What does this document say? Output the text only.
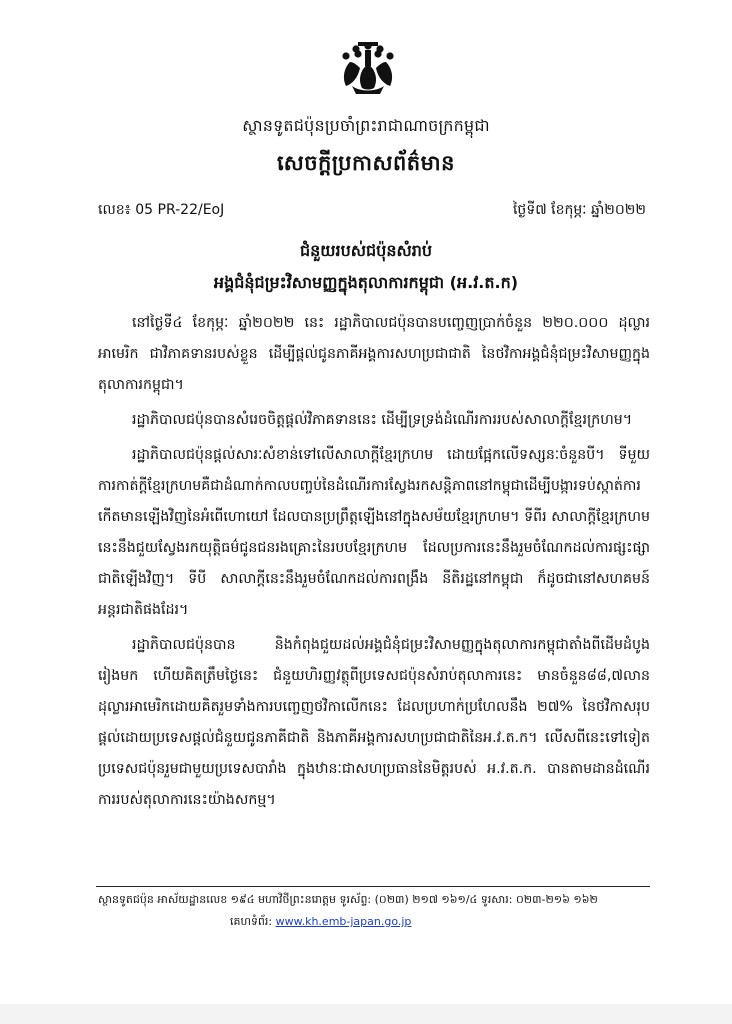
ស្ថានទូតជប៉ុនប្រចាំព្រះរាជាណាចក្រកម្ពុជា
សេចក្តីប្រកាសព័ត៌មាន
លេខ៖ 05 PR-22/EoJ	ថ្ងៃទី៧ ខែកុម្ភៈ ឆ្នាំ២០២២
ជំនួយរបស់ជប៉ុនសំរាប់
អង្គជំនុំជម្រះវិសាមញ្ញក្នុងតុលាការកម្ពុជា (អ.វ.ត.ក)

នៅថ្ងៃទី៤ ខែកុម្ភៈ ឆ្នាំ២០២២ នេះ រដ្ឋាភិបាលជប៉ុនបានបញ្ចេញប្រាក់ចំនួន ២២០.០០០ ដុល្លារអាមេរិក ជាវិភាគទានរបស់ខ្លួន ដើម្បីផ្តល់ជូនភាគីអង្គការសហប្រជាជាតិ នៃថវិកាអង្គជំនុំជម្រះវិសាមញ្ញក្នុងតុលាការកម្ពុជា។

រដ្ឋាភិបាលជប៉ុនបានសំរេចចិត្តផ្តល់វិភាគទាននេះ ដើម្បីទ្រទ្រង់ដំណើរការរបស់សាលាក្តីខ្មែរក្រហម។

រដ្ឋាភិបាលជប៉ុនផ្តល់សារៈសំខាន់ទៅលើសាលាក្តីខ្មែរក្រហម ដោយផ្អែកលើទស្សនៈចំនួនបី។ ទីមួយ ការកាត់ក្តីខ្មែរក្រហមគឺជាដំណាក់កាលបញ្ចប់នៃដំណើរការស្វែងរកសន្តិភាពនៅកម្ពុជាដើម្បីបង្ការទប់ស្កាត់ការកើតមានឡើងវិញនៃអំពើហោយៅ ដែលបានប្រព្រឹត្តឡើងនៅក្នុងសម័យខ្មែរក្រហម។ ទីពីរ សាលាក្តីខ្មែរក្រហមនេះនឹងជួយស្វែងរកយុត្តិធម៌ជូនជនរងគ្រោះនៃរបបខ្មែរក្រហម ដែលប្រការនេះនឹងរួមចំណែកដល់ការផ្សះផ្សាជាតិឡើងវិញ។ ទីបី សាលាក្តីនេះនឹងរួមចំណែកដល់ការពង្រឹង នីតិរដ្ឋនៅកម្ពុជា ក៏ដូចជានៅសហគមន៍អន្តរជាតិផងដែរ។

រដ្ឋាភិបាលជប៉ុនបាន និងកំពុងជួយដល់អង្គជំនុំជម្រះវិសាមញ្ញក្នុងតុលាការកម្ពុជាតាំងពីដើមដំបូងរៀងមក ហើយគិតត្រឹមថ្ងៃនេះ ជំនួយហិរញ្ញវត្ថុពីប្រទេសជប៉ុនសំរាប់តុលាការនេះ មានចំនួន៨៨,៧លានដុល្លារអាមេរិកដោយគិតរួមទាំងការបញ្ចេញថវិកាលើកនេះ ដែលប្រហាក់ប្រហែលនឹង ២៧% នៃថវិកាសរុបផ្តល់ដោយប្រទេសផ្តល់ជំនួយជូនភាគីជាតិ និងភាគីអង្គការសហប្រជាជាតិនៃអ.វ.ត.ក។ លើសពីនេះទៅទៀត ប្រទេសជប៉ុនរួមជាមួយប្រទេសបារាំង ក្នុងឋានៈជាសហប្រធាននៃមិត្តរបស់ អ.វ.ត.ក. បានតាមដានដំណើរការរបស់តុលាការនេះយ៉ាងសកម្ម។

ស្ថានទូតជប៉ុន អាស័យដ្ឋានលេខ ១៩៤ មហាវិថីព្រះនរោត្តម ទូរស័ព្ទ: (០២៣) ២១៧ ១៦១/៤ ទូរសារ: ០២៣-២១៦ ១៦២
គេហទំព័រ: www.kh.emb-japan.go.jp
